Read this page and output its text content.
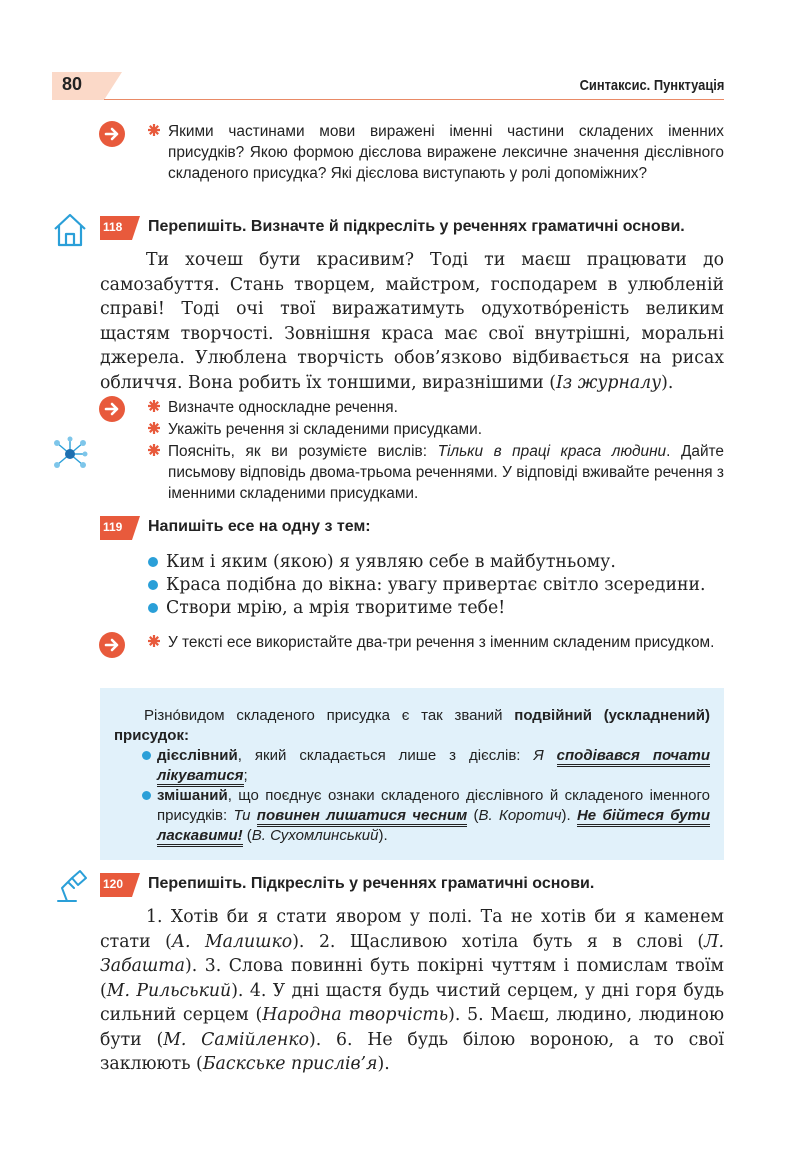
80	Синтаксис. Пунктуація
Якими частинами мови виражені іменні частини складених іменних присудків? Якою формою дієслова виражене лексичне значення дієслівного складеного присудка? Які дієслова виступають у ролі допоміжних?
118 Перепишіть. Визначте й підкресліть у реченнях граматичні основи.
Ти хочеш бути красивим? Тоді ти маєш працювати до самозабуття. Стань творцем, майстром, господарем в улюбленій справі! Тоді очі твої виражатимуть одухотво́реність великим щастям творчості. Зовнішня краса має свої внутрішні, моральні джерела. Улюблена творчість обов’язково відбивається на рисах обличчя. Вона робить їх тоншими, виразнішими (Із журналу).
Визначте односкладне речення.
Укажіть речення зі складеними присудками.
Поясніть, як ви розумієте вислів: Тільки в праці краса людини. Дайте письмову відповідь двома-трьома реченнями. У відповіді вживайте речення з іменними складеними присудками.
119 Напишіть есе на одну з тем:
Ким і яким (якою) я уявляю себе в майбутньому.
Краса подібна до вікна: увагу привертає світло зсередини.
Створи мрію, а мрія творитиме тебе!
У тексті есе використайте два-три речення з іменним складеним присудком.
Різно́видом складеного присудка є так званий подвійний (ускладнений) присудок:
дієслівний, який складається лише з дієслів: Я сподівався почати лікуватися;
змішаний, що поєднує ознаки складеного дієслівного й складеного іменного присудків: Ти повинен лишатися чесним (В. Коротич). Не бійтеся бути ласкавими! (В. Сухомлинський).
120 Перепишіть. Підкресліть у реченнях граматичні основи.
1. Хотів би я стати явором у полі. Та не хотів би я каменем стати (А. Малишко). 2. Щасливою хотіла буть я в слові (Л. Забашта). 3. Слова повинні буть покірні чуттям і помислам твоїм (М. Рильський). 4. У дні щастя будь чистий серцем, у дні горя будь сильний серцем (Народна творчість). 5. Маєш, людино, людиною бути (М. Самійленко). 6. Не будь білою вороною, а то свої заклюють (Баскське прислів’я).
